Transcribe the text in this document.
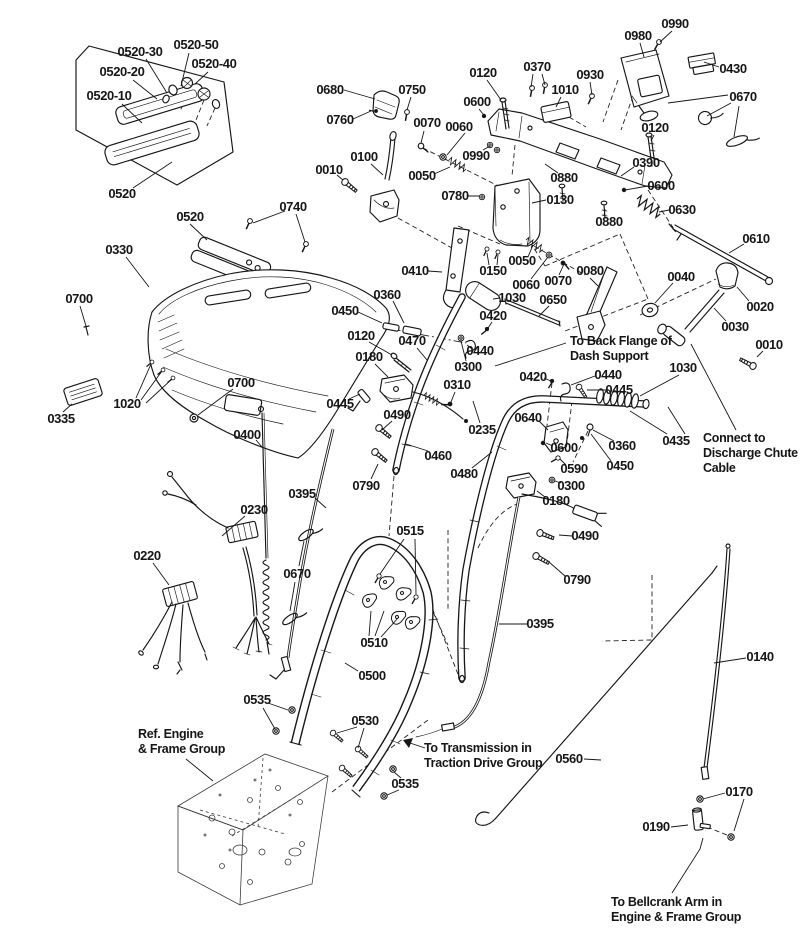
0990
0980
0520-50
0520-30
0520-40	0430
0370
0520-20	0120	0930
0680	0750	1010
0520-10	0670
0600
0760	0070 0060	0120
0100	0990	0390
0010	0050	0880
0600
0520	0780	0130
0740	0630
0520	0880
0610
0330
0050
0410	0150	0080	0040
0070
0060
0360	1030 0650
0700
0020
0450	0420
0030
0120 0470	0010
0440
0180
0300	1030
0420	0440
0310
0700	0445
1020	0445
0335	0490	0640
0235
0400	0435
0360
0600
0460
0450
0590
0480
0790	0300
0395	0180
0230
0515	0490
0220
0670	0790
0395
0510
0140
0500
0535
0530
0560
0535
0170
0190
To Back Flange of
Dash Support
Connect to
Discharge Chute
Cable
Ref. Engine
& Frame Group	To Transmission in
Traction Drive Group
To Bellcrank Arm in
Engine & Frame Group
